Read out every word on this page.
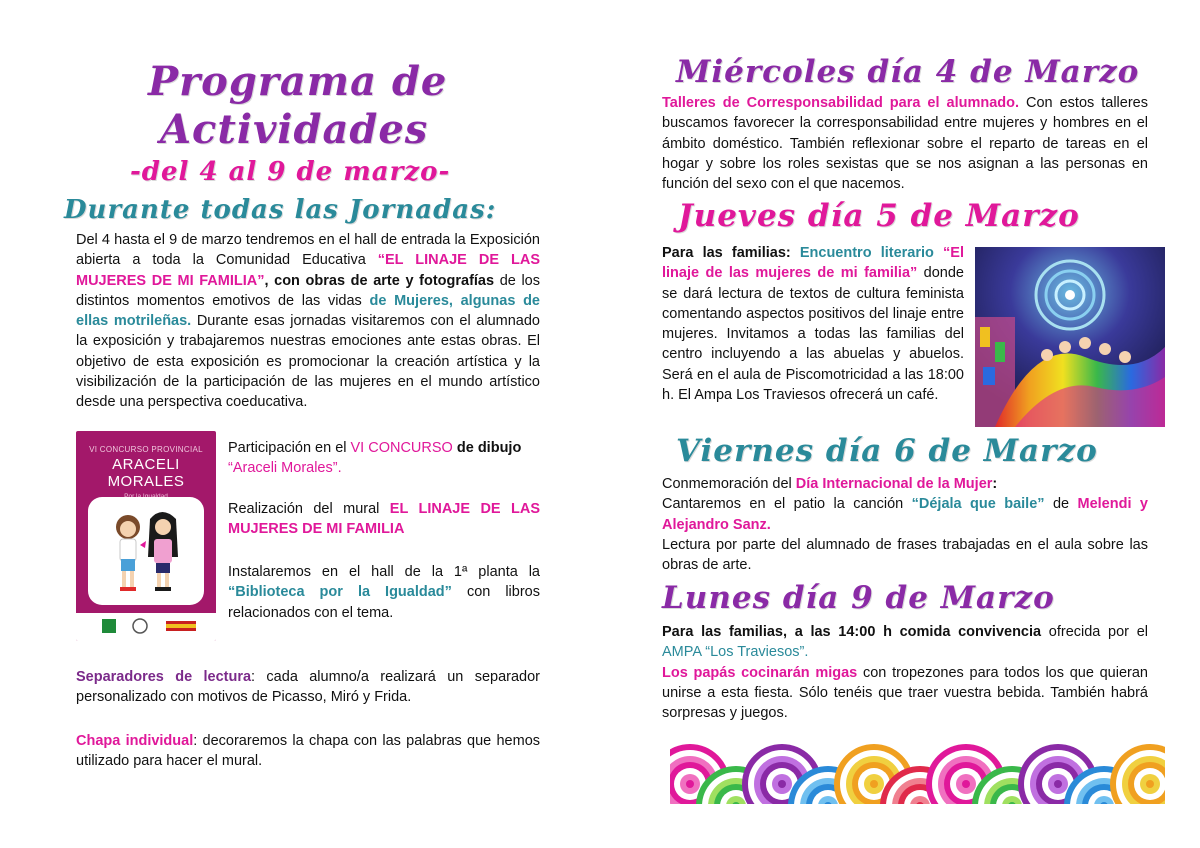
Programa de
Actividades
-del 4 al 9 de marzo-
Durante todas las Jornadas:

Del 4 hasta el 9 de marzo tendremos en el hall de entrada la Exposición abierta a toda la Comunidad Educativa “EL LINAJE DE LAS MUJERES DE MI FAMILIA”, con obras de arte y fotografías de los distintos momentos emotivos de las vidas de Mujeres, algunas de ellas motrileñas. Durante esas jornadas visitaremos con el alumnado la exposición y trabajaremos nuestras emociones ante estas obras. El objetivo de esta exposición es promocionar la creación artística y la visibilización de la participación de las mujeres en el mundo artístico desde una perspectiva coeducativa.

VI CONCURSO PROVINCIAL
ARACELI MORALES

Participación en el VI CONCURSO de dibujo
“Araceli Morales”.

Realización del mural EL LINAJE DE LAS MUJERES DE MI FAMILIA

Instalaremos en el hall de la 1ª planta la “Biblioteca por la Igualdad” con libros relacionados con el tema.

Separadores de lectura: cada alumno/a realizará un separador personalizado con motivos de Picasso, Miró y Frida.

Chapa individual: decoraremos la chapa con las palabras que hemos utilizado para hacer el mural.

Miércoles día 4 de Marzo

Talleres de Corresponsabilidad para el alumnado. Con estos talleres buscamos favorecer la corresponsabilidad entre mujeres y hombres en el ámbito doméstico. También reflexionar sobre el reparto de tareas en el hogar y sobre los roles sexistas que se nos asignan a las personas en función del sexo con el que nacemos.

Jueves día 5 de Marzo

Para las familias: Encuentro literario “El linaje de las mujeres de mi familia” donde se dará lectura de textos de cultura feminista comentando aspectos positivos del linaje entre mujeres. Invitamos a todas las familias del centro incluyendo a las abuelas y abuelos. Será en el aula de Piscomotricidad a las 18:00 h. El Ampa Los Traviesos ofrecerá un café.

Viernes día 6 de Marzo

Conmemoración del Día Internacional de la Mujer:
Cantaremos en el patio la canción “Déjala que baile” de Melendi y Alejandro Sanz.
Lectura por parte del alumnado de frases trabajadas en el aula sobre las obras de arte.

Lunes día 9 de Marzo

Para las familias, a las 14:00 h comida convivencia ofrecida por el AMPA “Los Traviesos”.
Los papás cocinarán migas con tropezones para todos los que quieran unirse a esta fiesta. Sólo tenéis que traer vuestra bebida. También habrá sorpresas y juegos.
